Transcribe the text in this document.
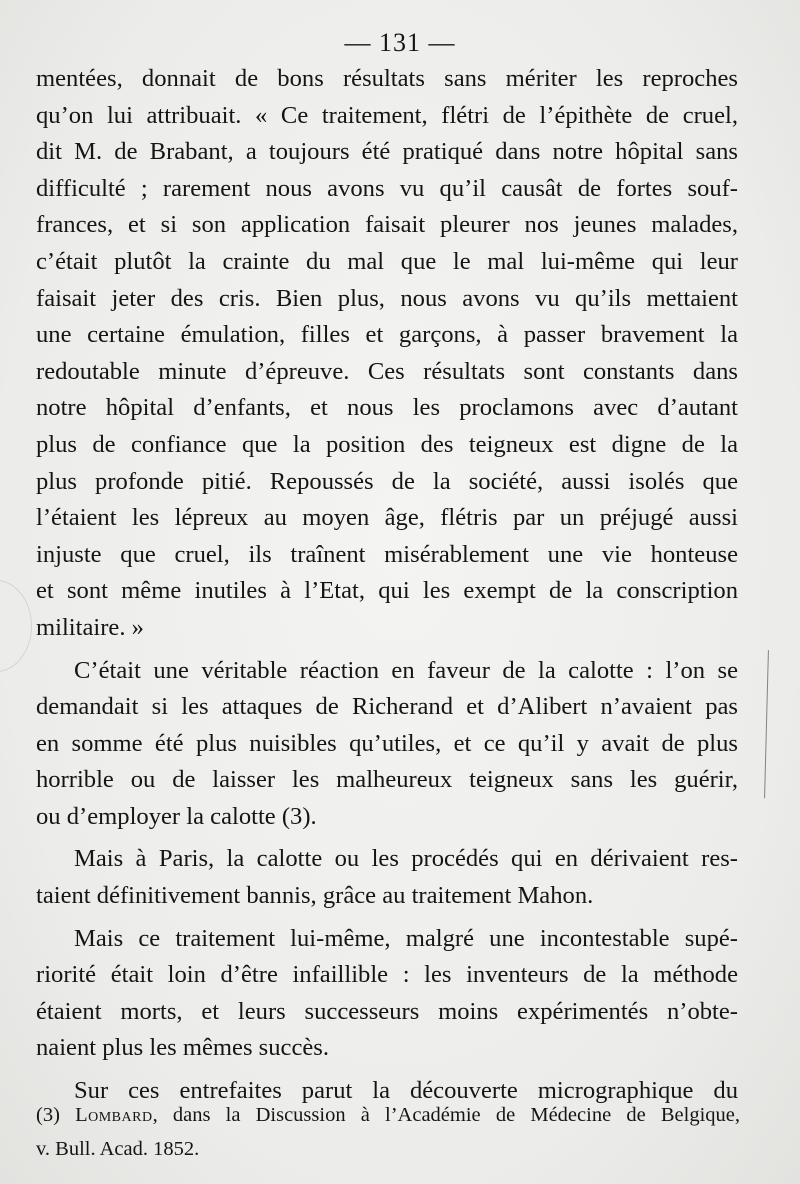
— 131 —
mentées, donnait de bons résultats sans mériter les reproches
qu’on lui attribuait. « Ce traitement, flétri de l’épithète de cruel,
dit M. de Brabant, a toujours été pratiqué dans notre hôpital sans
difficulté ; rarement nous avons vu qu’il causât de fortes souf-
frances, et si son application faisait pleurer nos jeunes malades,
c’était plutôt la crainte du mal que le mal lui-même qui leur
faisait jeter des cris. Bien plus, nous avons vu qu’ils mettaient
une certaine émulation, filles et garçons, à passer bravement la
redoutable minute d’épreuve. Ces résultats sont constants dans
notre hôpital d’enfants, et nous les proclamons avec d’autant
plus de confiance que la position des teigneux est digne de la
plus profonde pitié. Repoussés de la société, aussi isolés que
l’étaient les lépreux au moyen âge, flétris par un préjugé aussi
injuste que cruel, ils traînent misérablement une vie honteuse
et sont même inutiles à l’Etat, qui les exempt de la conscription
militaire. »
C’était une véritable réaction en faveur de la calotte : l’on se
demandait si les attaques de Richerand et d’Alibert n’avaient pas
en somme été plus nuisibles qu’utiles, et ce qu’il y avait de plus
horrible ou de laisser les malheureux teigneux sans les guérir,
ou d’employer la calotte (3).
Mais à Paris, la calotte ou les procédés qui en dérivaient res-
taient définitivement bannis, grâce au traitement Mahon.
Mais ce traitement lui-même, malgré une incontestable supé-
riorité était loin d’être infaillible : les inventeurs de la méthode
étaient morts, et leurs successeurs moins expérimentés n’obte-
naient plus les mêmes succès.
Sur ces entrefaites parut la découverte micrographique du
(3) Lombard, dans la Discussion à l’Académie de Médecine de Belgique,
v. Bull. Acad. 1852.
